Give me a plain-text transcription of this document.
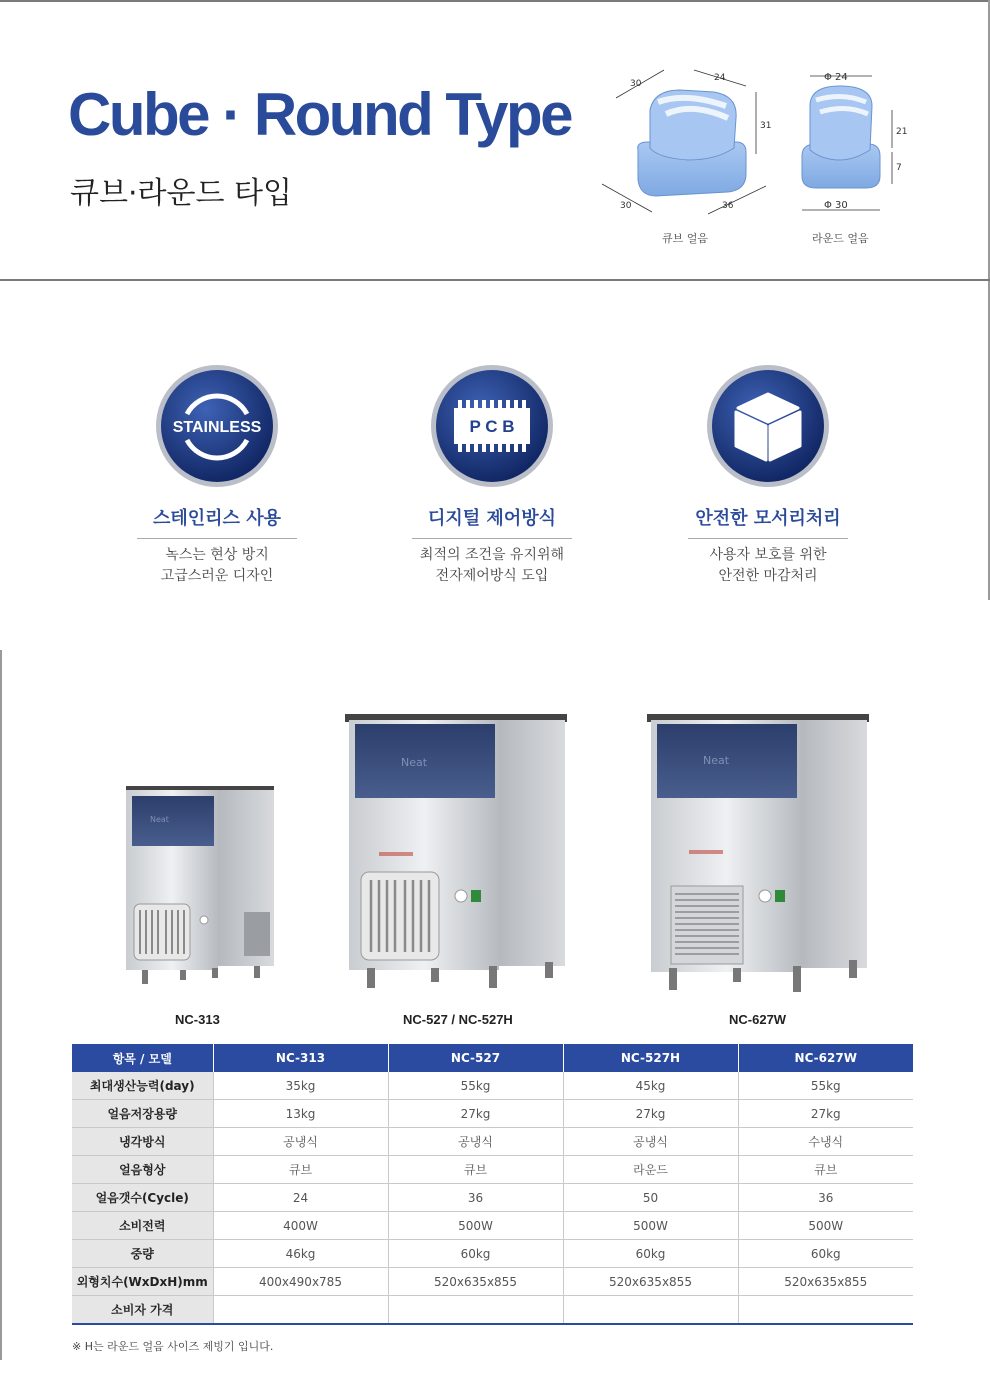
Cube · Round Type
큐브·라운드 타입
30
24
31
30	36
큐브 얼음
Φ 24
21
7
Φ 30
라운드 얼음
STAINLESS
스테인리스 사용
녹스는 현상 방지
고급스러운 디자인
P C B
디지털 제어방식
최적의 조건을 유지위해
전자제어방식 도입
안전한 모서리처리
사용자 보호를 위한
안전한 마감처리
Neat
Neat	Neat
NC-313	NC-527 / NC-527H	NC-627W
항목 / 모델	NC-313	NC-527	NC-527H	NC-627W
최대생산능력(day)	35kg	55kg	45kg	55kg
얼음저장용량	13kg	27kg	27kg	27kg
냉각방식	공냉식	공냉식	공냉식	수냉식
얼음형상	큐브	큐브	라운드	큐브
얼음갯수(Cycle)	24	36	50	36
소비전력	400W	500W	500W	500W
중량	46kg	60kg	60kg	60kg
외형치수(WxDxH)mm	400x490x785	520x635x855	520x635x855	520x635x855
소비자 가격				
※ H는 라운드 얼음 사이즈 제빙기 입니다.
